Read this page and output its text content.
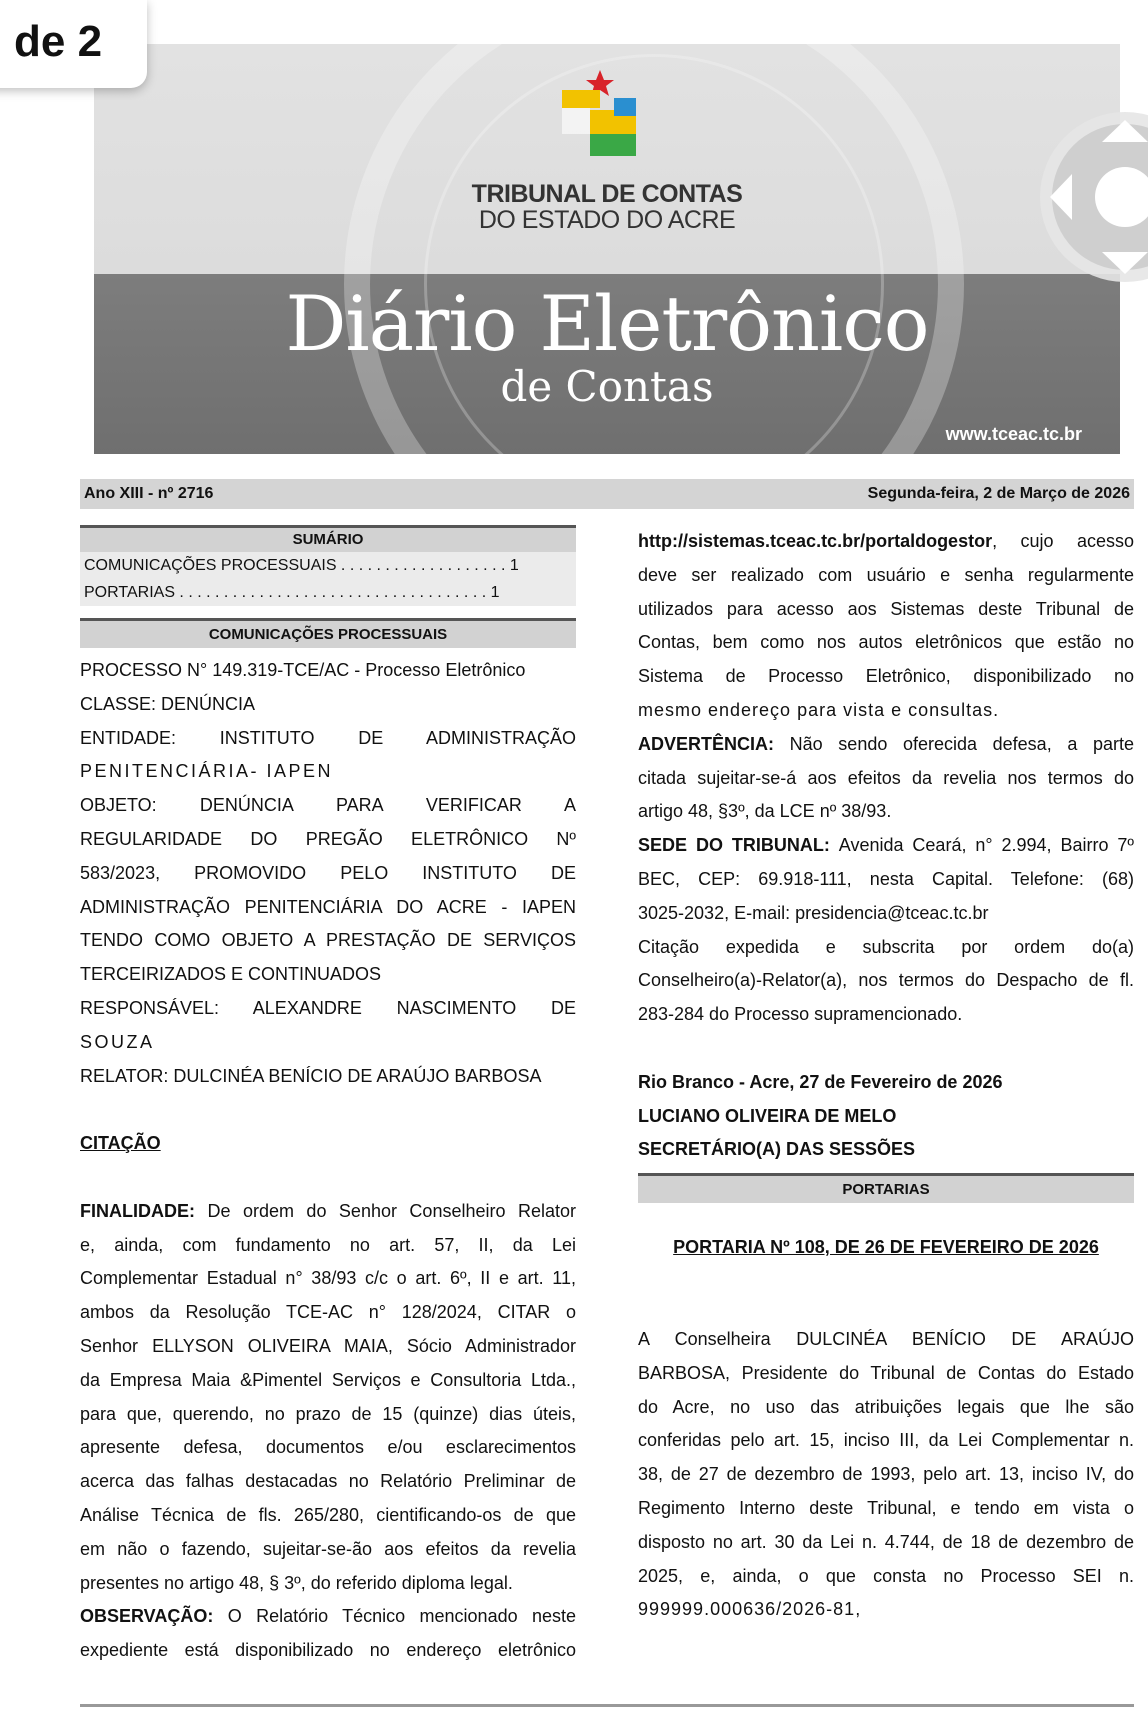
de 2
TRIBUNAL DE CONTAS
DO ESTADO DO ACRE
Diário Eletrônico
de Contas
www.tceac.tc.br
Ano XIII - nº 2716	Segunda-feira, 2 de Março de 2026
SUMÁRIO
COMUNICAÇÕES PROCESSUAIS . . . . . . . . . . . . . . . . . . . 1
PORTARIAS . . . . . . . . . . . . . . . . . . . . . . . . . . . . . . . . . . . 1
COMUNICAÇÕES PROCESSUAIS
PROCESSO N° 149.319-TCE/AC - Processo Eletrônico
CLASSE: DENÚNCIA
ENTIDADE: INSTITUTO DE ADMINISTRAÇÃO
PENITENCIÁRIA- IAPEN
OBJETO: DENÚNCIA PARA VERIFICAR A
REGULARIDADE DO PREGÃO ELETRÔNICO Nº
583/2023, PROMOVIDO PELO INSTITUTO DE
ADMINISTRAÇÃO PENITENCIÁRIA DO ACRE - IAPEN
TENDO COMO OBJETO A PRESTAÇÃO DE SERVIÇOS
TERCEIRIZADOS E CONTINUADOS
RESPONSÁVEL: ALEXANDRE NASCIMENTO DE
SOUZA
RELATOR: DULCINÉA BENÍCIO DE ARAÚJO BARBOSA
CITAÇÃO
FINALIDADE: De ordem do Senhor Conselheiro Relator
e, ainda, com fundamento no art. 57, II, da Lei
Complementar Estadual n° 38/93 c/c o art. 6º, II e art. 11,
ambos da Resolução TCE-AC n° 128/2024, CITAR o
Senhor ELLYSON OLIVEIRA MAIA, Sócio Administrador
da Empresa Maia &Pimentel Serviços e Consultoria Ltda.,
para que, querendo, no prazo de 15 (quinze) dias úteis,
apresente defesa, documentos e/ou esclarecimentos
acerca das falhas destacadas no Relatório Preliminar de
Análise Técnica de fls. 265/280, cientificando-os de que
em não o fazendo, sujeitar-se-ão aos efeitos da revelia
presentes no artigo 48, § 3º, do referido diploma legal.
OBSERVAÇÃO: O Relatório Técnico mencionado neste
expediente está disponibilizado no endereço eletrônico
http://sistemas.tceac.tc.br/portaldogestor, cujo acesso
deve ser realizado com usuário e senha regularmente
utilizados para acesso aos Sistemas deste Tribunal de
Contas, bem como nos autos eletrônicos que estão no
Sistema de Processo Eletrônico, disponibilizado no
mesmo endereço para vista e consultas.
ADVERTÊNCIA: Não sendo oferecida defesa, a parte
citada sujeitar-se-á aos efeitos da revelia nos termos do
artigo 48, §3º, da LCE nº 38/93.
SEDE DO TRIBUNAL: Avenida Ceará, n° 2.994, Bairro 7º
BEC, CEP: 69.918-111, nesta Capital. Telefone: (68)
3025-2032, E-mail: presidencia@tceac.tc.br
Citação expedida e subscrita por ordem do(a)
Conselheiro(a)-Relator(a), nos termos do Despacho de fl.
283-284 do Processo supramencionado.
Rio Branco - Acre, 27 de Fevereiro de 2026
LUCIANO OLIVEIRA DE MELO
SECRETÁRIO(A) DAS SESSÕES
PORTARIAS
PORTARIA Nº 108, DE 26 DE FEVEREIRO DE 2026
A Conselheira DULCINÉA BENÍCIO DE ARAÚJO
BARBOSA, Presidente do Tribunal de Contas do Estado
do Acre, no uso das atribuições legais que lhe são
conferidas pelo art. 15, inciso III, da Lei Complementar n.
38, de 27 de dezembro de 1993, pelo art. 13, inciso IV, do
Regimento Interno deste Tribunal, e tendo em vista o
disposto no art. 30 da Lei n. 4.744, de 18 de dezembro de
2025, e, ainda, o que consta no Processo SEI n.
999999.000636/2026-81,
